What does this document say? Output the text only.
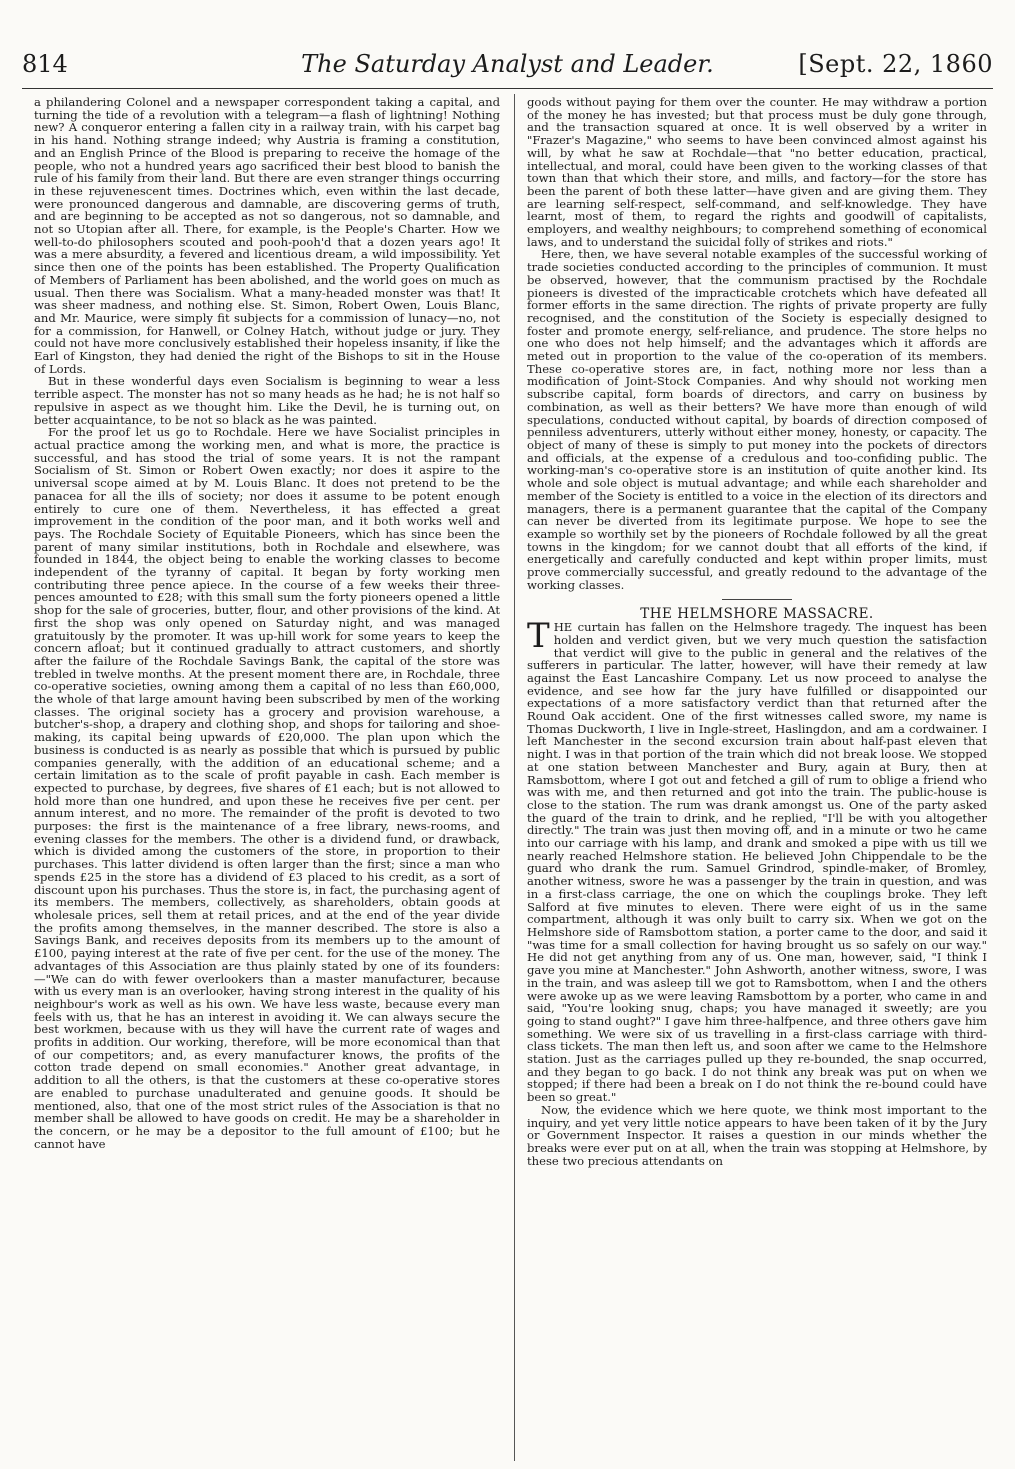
814	The Saturday Analyst and Leader.	[Sept. 22, 1860

a philandering Colonel and a newspaper correspondent taking a capital, and turning the tide of a revolution with a telegram—a flash of lightning! Nothing new? A conqueror entering a fallen city in a railway train, with his carpet bag in his hand. Nothing strange indeed; why Austria is framing a constitution, and an English Prince of the Blood is preparing to receive the homage of the people, who not a hundred years ago sacrificed their best blood to banish the rule of his family from their land. But there are even stranger things occurring in these rejuvenescent times. Doctrines which, even within the last decade, were pronounced dangerous and damnable, are discovering germs of truth, and are beginning to be accepted as not so dangerous, not so damnable, and not so Utopian after all. There, for example, is the People's Charter. How we well-to-do philosophers scouted and pooh-pooh'd that a dozen years ago! It was a mere absurdity, a fevered and licentious dream, a wild impossibility. Yet since then one of the points has been established. The Property Qualification of Members of Parliament has been abolished, and the world goes on much as usual. Then there was Socialism. What a many-headed monster was that! It was sheer madness, and nothing else. St. Simon, Robert Owen, Louis Blanc, and Mr. Maurice, were simply fit subjects for a commission of lunacy—no, not for a commission, for Hanwell, or Colney Hatch, without judge or jury. They could not have more conclusively established their hopeless insanity, if like the Earl of Kingston, they had denied the right of the Bishops to sit in the House of Lords.

But in these wonderful days even Socialism is beginning to wear a less terrible aspect. The monster has not so many heads as he had; he is not half so repulsive in aspect as we thought him. Like the Devil, he is turning out, on better acquaintance, to be not so black as he was painted.

For the proof let us go to Rochdale. Here we have Socialist principles in actual practice among the working men, and what is more, the practice is successful, and has stood the trial of some years. It is not the rampant Socialism of St. Simon or Robert Owen exactly; nor does it aspire to the universal scope aimed at by M. Louis Blanc. It does not pretend to be the panacea for all the ills of society; nor does it assume to be potent enough entirely to cure one of them. Nevertheless, it has effected a great improvement in the condition of the poor man, and it both works well and pays. The Rochdale Society of Equitable Pioneers, which has since been the parent of many similar institutions, both in Rochdale and elsewhere, was founded in 1844, the object being to enable the working classes to become independent of the tyranny of capital. It began by forty working men contributing three pence apiece. In the course of a few weeks their three-pences amounted to £28; with this small sum the forty pioneers opened a little shop for the sale of groceries, butter, flour, and other provisions of the kind. At first the shop was only opened on Saturday night, and was managed gratuitously by the promoter. It was up-hill work for some years to keep the concern afloat; but it continued gradually to attract customers, and shortly after the failure of the Rochdale Savings Bank, the capital of the store was trebled in twelve months. At the present moment there are, in Rochdale, three co-operative societies, owning among them a capital of no less than £60,000, the whole of that large amount having been subscribed by men of the working classes. The original society has a grocery and provision warehouse, a butcher's-shop, a drapery and clothing shop, and shops for tailoring and shoe-making, its capital being upwards of £20,000. The plan upon which the business is conducted is as nearly as possible that which is pursued by public companies generally, with the addition of an educational scheme; and a certain limitation as to the scale of profit payable in cash. Each member is expected to purchase, by degrees, five shares of £1 each; but is not allowed to hold more than one hundred, and upon these he receives five per cent. per annum interest, and no more. The remainder of the profit is devoted to two purposes: the first is the maintenance of a free library, news-rooms, and evening classes for the members. The other is a dividend fund, or drawback, which is divided among the customers of the store, in proportion to their purchases. This latter dividend is often larger than the first; since a man who spends £25 in the store has a dividend of £3 placed to his credit, as a sort of discount upon his purchases. Thus the store is, in fact, the purchasing agent of its members. The members, collectively, as shareholders, obtain goods at wholesale prices, sell them at retail prices, and at the end of the year divide the profits among themselves, in the manner described. The store is also a Savings Bank, and receives deposits from its members up to the amount of £100, paying interest at the rate of five per cent. for the use of the money. The advantages of this Association are thus plainly stated by one of its founders:—"We can do with fewer overlookers than a master manufacturer, because with us every man is an overlooker, having strong interest in the quality of his neighbour's work as well as his own. We have less waste, because every man feels with us, that he has an interest in avoiding it. We can always secure the best workmen, because with us they will have the current rate of wages and profits in addition. Our working, therefore, will be more economical than that of our competitors; and, as every manufacturer knows, the profits of the cotton trade depend on small economies." Another great advantage, in addition to all the others, is that the customers at these co-operative stores are enabled to purchase unadulterated and genuine goods. It should be mentioned, also, that one of the most strict rules of the Association is that no member shall be allowed to have goods on credit. He may be a shareholder in the concern, or he may be a depositor to the full amount of £100; but he cannot have

goods without paying for them over the counter. He may withdraw a portion of the money he has invested; but that process must be duly gone through, and the transaction squared at once. It is well observed by a writer in "Frazer's Magazine," who seems to have been convinced almost against his will, by what he saw at Rochdale—that "no better education, practical, intellectual, and moral, could have been given to the working classes of that town than that which their store, and mills, and factory—for the store has been the parent of both these latter—have given and are giving them. They are learning self-respect, self-command, and self-knowledge. They have learnt, most of them, to regard the rights and goodwill of capitalists, employers, and wealthy neighbours; to comprehend something of economical laws, and to understand the suicidal folly of strikes and riots."

Here, then, we have several notable examples of the successful working of trade societies conducted according to the principles of communion. It must be observed, however, that the communism practised by the Rochdale pioneers is divested of the impracticable crotchets which have defeated all former efforts in the same direction. The rights of private property are fully recognised, and the constitution of the Society is especially designed to foster and promote energy, self-reliance, and prudence. The store helps no one who does not help himself; and the advantages which it affords are meted out in proportion to the value of the co-operation of its members. These co-operative stores are, in fact, nothing more nor less than a modification of Joint-Stock Companies. And why should not working men subscribe capital, form boards of directors, and carry on business by combination, as well as their betters? We have more than enough of wild speculations, conducted without capital, by boards of direction composed of penniless adventurers, utterly without either money, honesty, or capacity. The object of many of these is simply to put money into the pockets of directors and officials, at the expense of a credulous and too-confiding public. The working-man's co-operative store is an institution of quite another kind. Its whole and sole object is mutual advantage; and while each shareholder and member of the Society is entitled to a voice in the election of its directors and managers, there is a permanent guarantee that the capital of the Company can never be diverted from its legitimate purpose. We hope to see the example so worthily set by the pioneers of Rochdale followed by all the great towns in the kingdom; for we cannot doubt that all efforts of the kind, if energetically and carefully conducted and kept within proper limits, must prove commercially successful, and greatly redound to the advantage of the working classes.

THE HELMSHORE MASSACRE.

THE curtain has fallen on the Helmshore tragedy. The inquest has been holden and verdict given, but we very much question the satisfaction that verdict will give to the public in general and the relatives of the sufferers in particular. The latter, however, will have their remedy at law against the East Lancashire Company. Let us now proceed to analyse the evidence, and see how far the jury have fulfilled or disappointed our expectations of a more satisfactory verdict than that returned after the Round Oak accident. One of the first witnesses called swore, my name is Thomas Duckworth, I live in Ingle-street, Haslingdon, and am a cordwainer. I left Manchester in the second excursion train about half-past eleven that night. I was in that portion of the train which did not break loose. We stopped at one station between Manchester and Bury, again at Bury, then at Ramsbottom, where I got out and fetched a gill of rum to oblige a friend who was with me, and then returned and got into the train. The public-house is close to the station. The rum was drank amongst us. One of the party asked the guard of the train to drink, and he replied, "I'll be with you altogether directly." The train was just then moving off, and in a minute or two he came into our carriage with his lamp, and drank and smoked a pipe with us till we nearly reached Helmshore station. He believed John Chippendale to be the guard who drank the rum. Samuel Grindrod, spindle-maker, of Bromley, another witness, swore he was a passenger by the train in question, and was in a first-class carriage, the one on which the couplings broke. They left Salford at five minutes to eleven. There were eight of us in the same compartment, although it was only built to carry six. When we got on the Helmshore side of Ramsbottom station, a porter came to the door, and said it "was time for a small collection for having brought us so safely on our way." He did not get anything from any of us. One man, however, said, "I think I gave you mine at Manchester." John Ashworth, another witness, swore, I was in the train, and was asleep till we got to Ramsbottom, when I and the others were awoke up as we were leaving Ramsbottom by a porter, who came in and said, "You're looking snug, chaps; you have managed it sweetly; are you going to stand ought?" I gave him three-halfpence, and three others gave him something. We were six of us travelling in a first-class carriage with third-class tickets. The man then left us, and soon after we came to the Helmshore station. Just as the carriages pulled up they re-bounded, the snap occurred, and they began to go back. I do not think any break was put on when we stopped; if there had been a break on I do not think the re-bound could have been so great."

Now, the evidence which we here quote, we think most important to the inquiry, and yet very little notice appears to have been taken of it by the Jury or Government Inspector. It raises a question in our minds whether the breaks were ever put on at all, when the train was stopping at Helmshore, by these two precious attendants on
